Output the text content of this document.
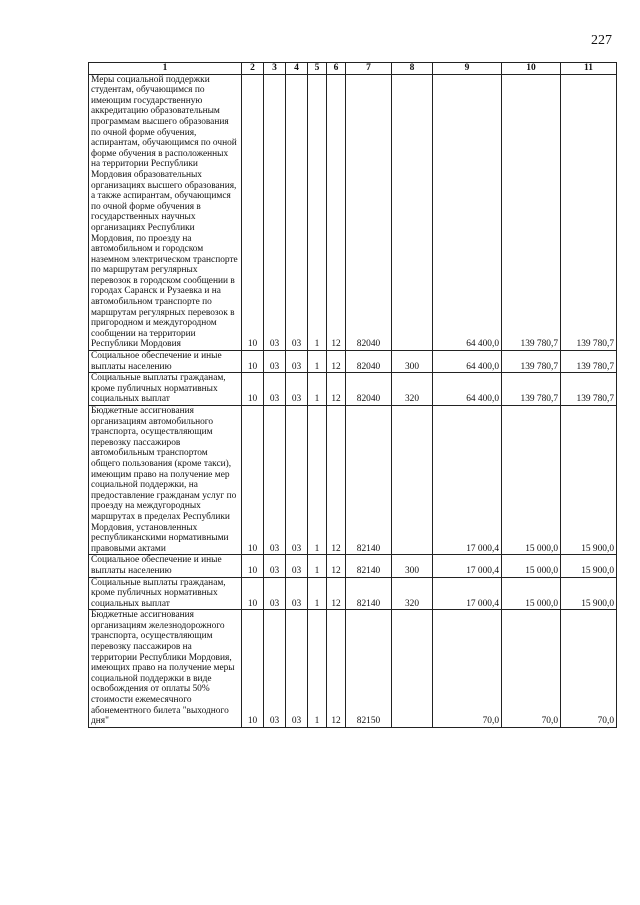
227
1	2	3	4	5	6	7	8	9	10	11
Меры социальной поддержки студентам, обучающимся по имеющим государственную аккредитацию образовательным программам высшего образования по очной форме обучения, аспирантам, обучающимся по очной форме обучения в расположенных на территории Республики Мордовия образовательных организациях высшего образования, а также аспирантам, обучающимся по очной форме обучения в государственных научных организациях Республики Мордовия, по проезду на автомобильном и городском наземном электрическом транспорте по маршрутам регулярных перевозок в городском сообщении в городах Саранск и Рузаевка и на автомобильном транспорте по маршрутам регулярных перевозок в пригородном и междугородном сообщении на территории Республики Мордовия	10	03	03	1	12	82040		64 400,0	139 780,7	139 780,7
Социальное обеспечение и иные выплаты населению	10	03	03	1	12	82040	300	64 400,0	139 780,7	139 780,7
Социальные выплаты гражданам, кроме публичных нормативных социальных выплат	10	03	03	1	12	82040	320	64 400,0	139 780,7	139 780,7
Бюджетные ассигнования организациям автомобильного транспорта, осуществляющим перевозку пассажиров автомобильным транспортом общего пользования (кроме такси), имеющим право на получение мер социальной поддержки, на предоставление гражданам услуг по проезду на междугородных маршрутах в пределах Республики Мордовия, установленных республиканскими нормативными правовыми актами	10	03	03	1	12	82140		17 000,4	15 000,0	15 900,0
Социальное обеспечение и иные выплаты населению	10	03	03	1	12	82140	300	17 000,4	15 000,0	15 900,0
Социальные выплаты гражданам, кроме публичных нормативных социальных выплат	10	03	03	1	12	82140	320	17 000,4	15 000,0	15 900,0
Бюджетные ассигнования организациям железнодорожного транспорта, осуществляющим перевозку пассажиров на территории Республики Мордовия, имеющих право на получение меры социальной поддержки в виде освобождения от оплаты 50% стоимости ежемесячного абонементного билета "выходного дня"	10	03	03	1	12	82150		70,0	70,0	70,0
